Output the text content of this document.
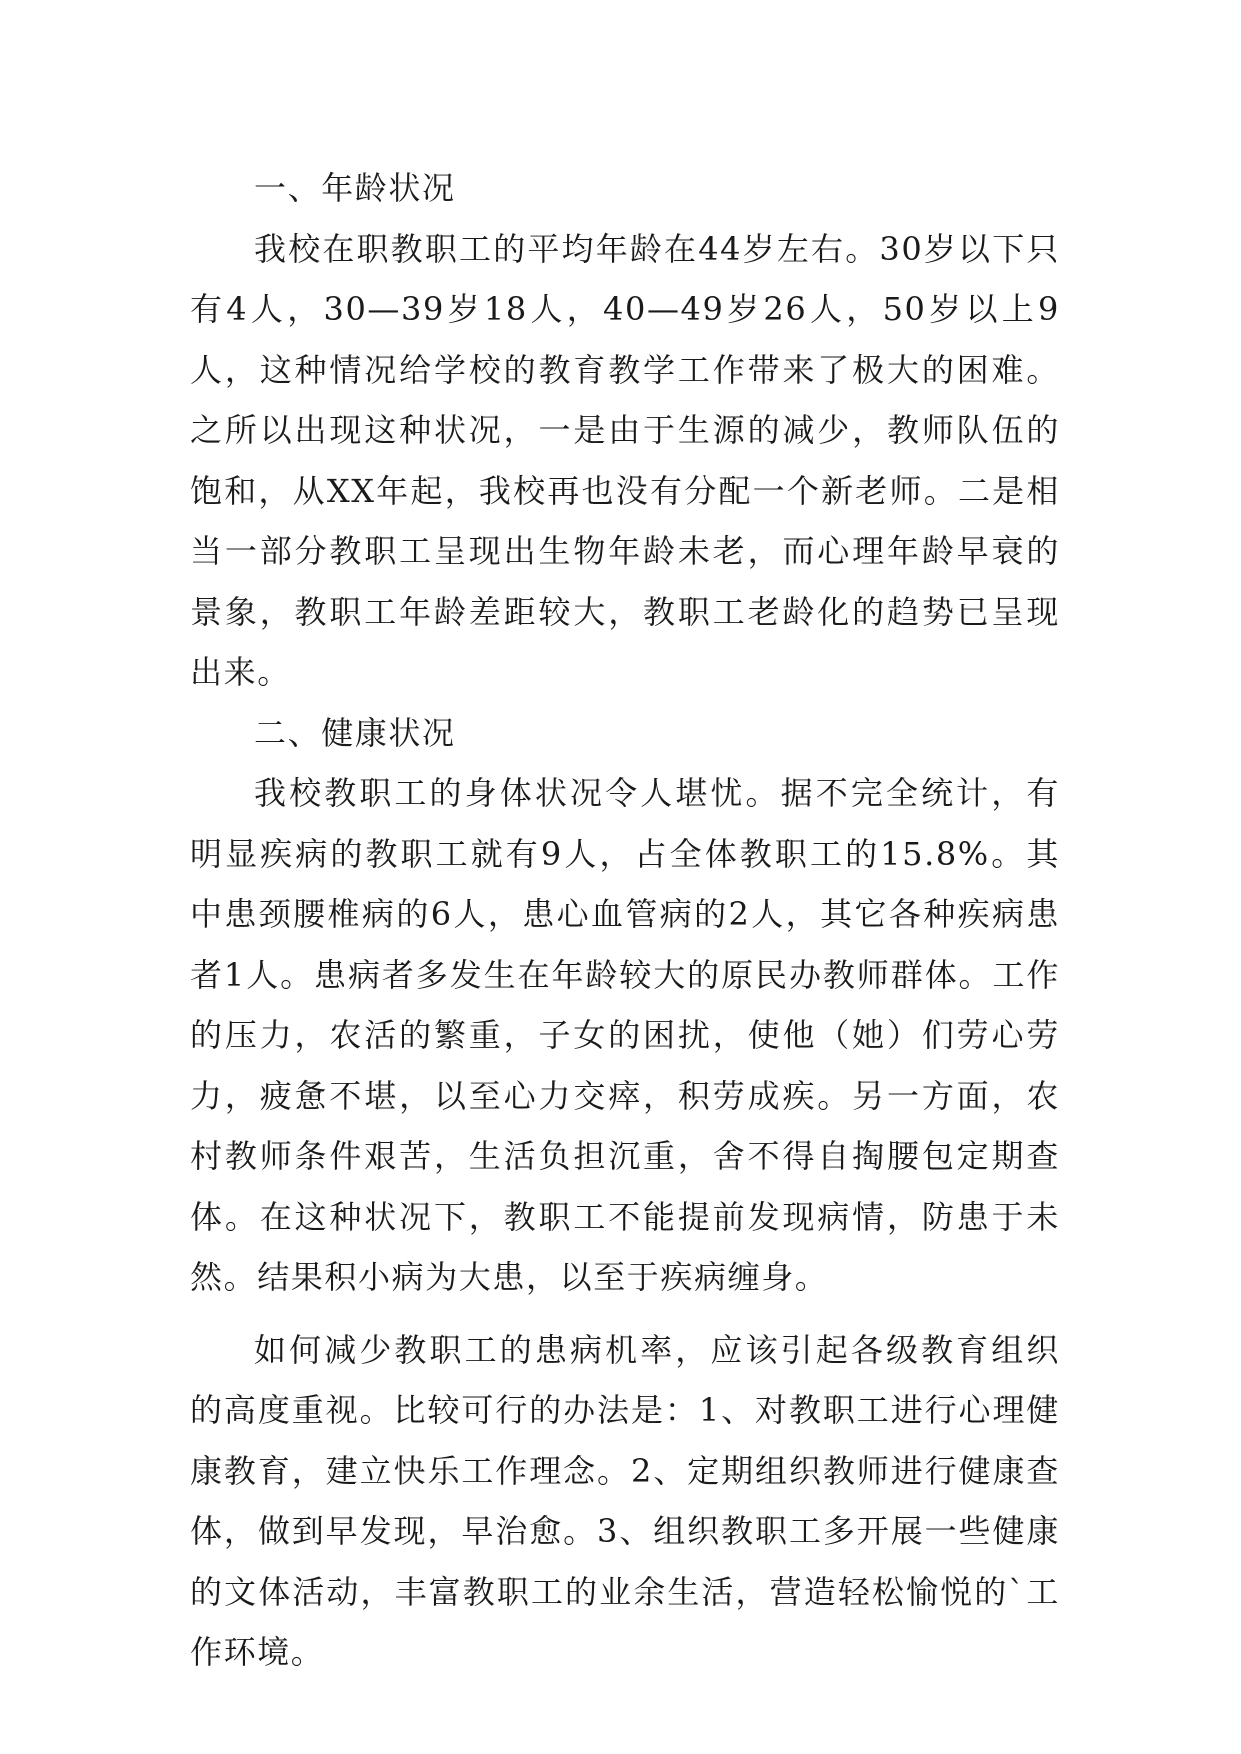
一、年龄状况

我校在职教职工的平均年龄在44岁左右。30岁以下只有4人，30—39岁18人，40—49岁26人，50岁以上9人，这种情况给学校的教育教学工作带来了极大的困难。之所以出现这种状况，一是由于生源的减少，教师队伍的饱和，从XX年起，我校再也没有分配一个新老师。二是相当一部分教职工呈现出生物年龄未老，而心理年龄早衰的景象，教职工年龄差距较大，教职工老龄化的趋势已呈现出来。

二、健康状况

我校教职工的身体状况令人堪忧。据不完全统计，有明显疾病的教职工就有9人，占全体教职工的15.8%。其中患颈腰椎病的6人，患心血管病的2人，其它各种疾病患者1人。患病者多发生在年龄较大的原民办教师群体。工作的压力，农活的繁重，子女的困扰，使他（她）们劳心劳力，疲惫不堪，以至心力交瘁，积劳成疾。另一方面，农村教师条件艰苦，生活负担沉重，舍不得自掏腰包定期查体。在这种状况下，教职工不能提前发现病情，防患于未然。结果积小病为大患，以至于疾病缠身。

如何减少教职工的患病机率，应该引起各级教育组织的高度重视。比较可行的办法是：1、对教职工进行心理健康教育，建立快乐工作理念。2、定期组织教师进行健康查体，做到早发现，早治愈。3、组织教职工多开展一些健康的文体活动，丰富教职工的业余生活，营造轻松愉悦的`工作环境。
